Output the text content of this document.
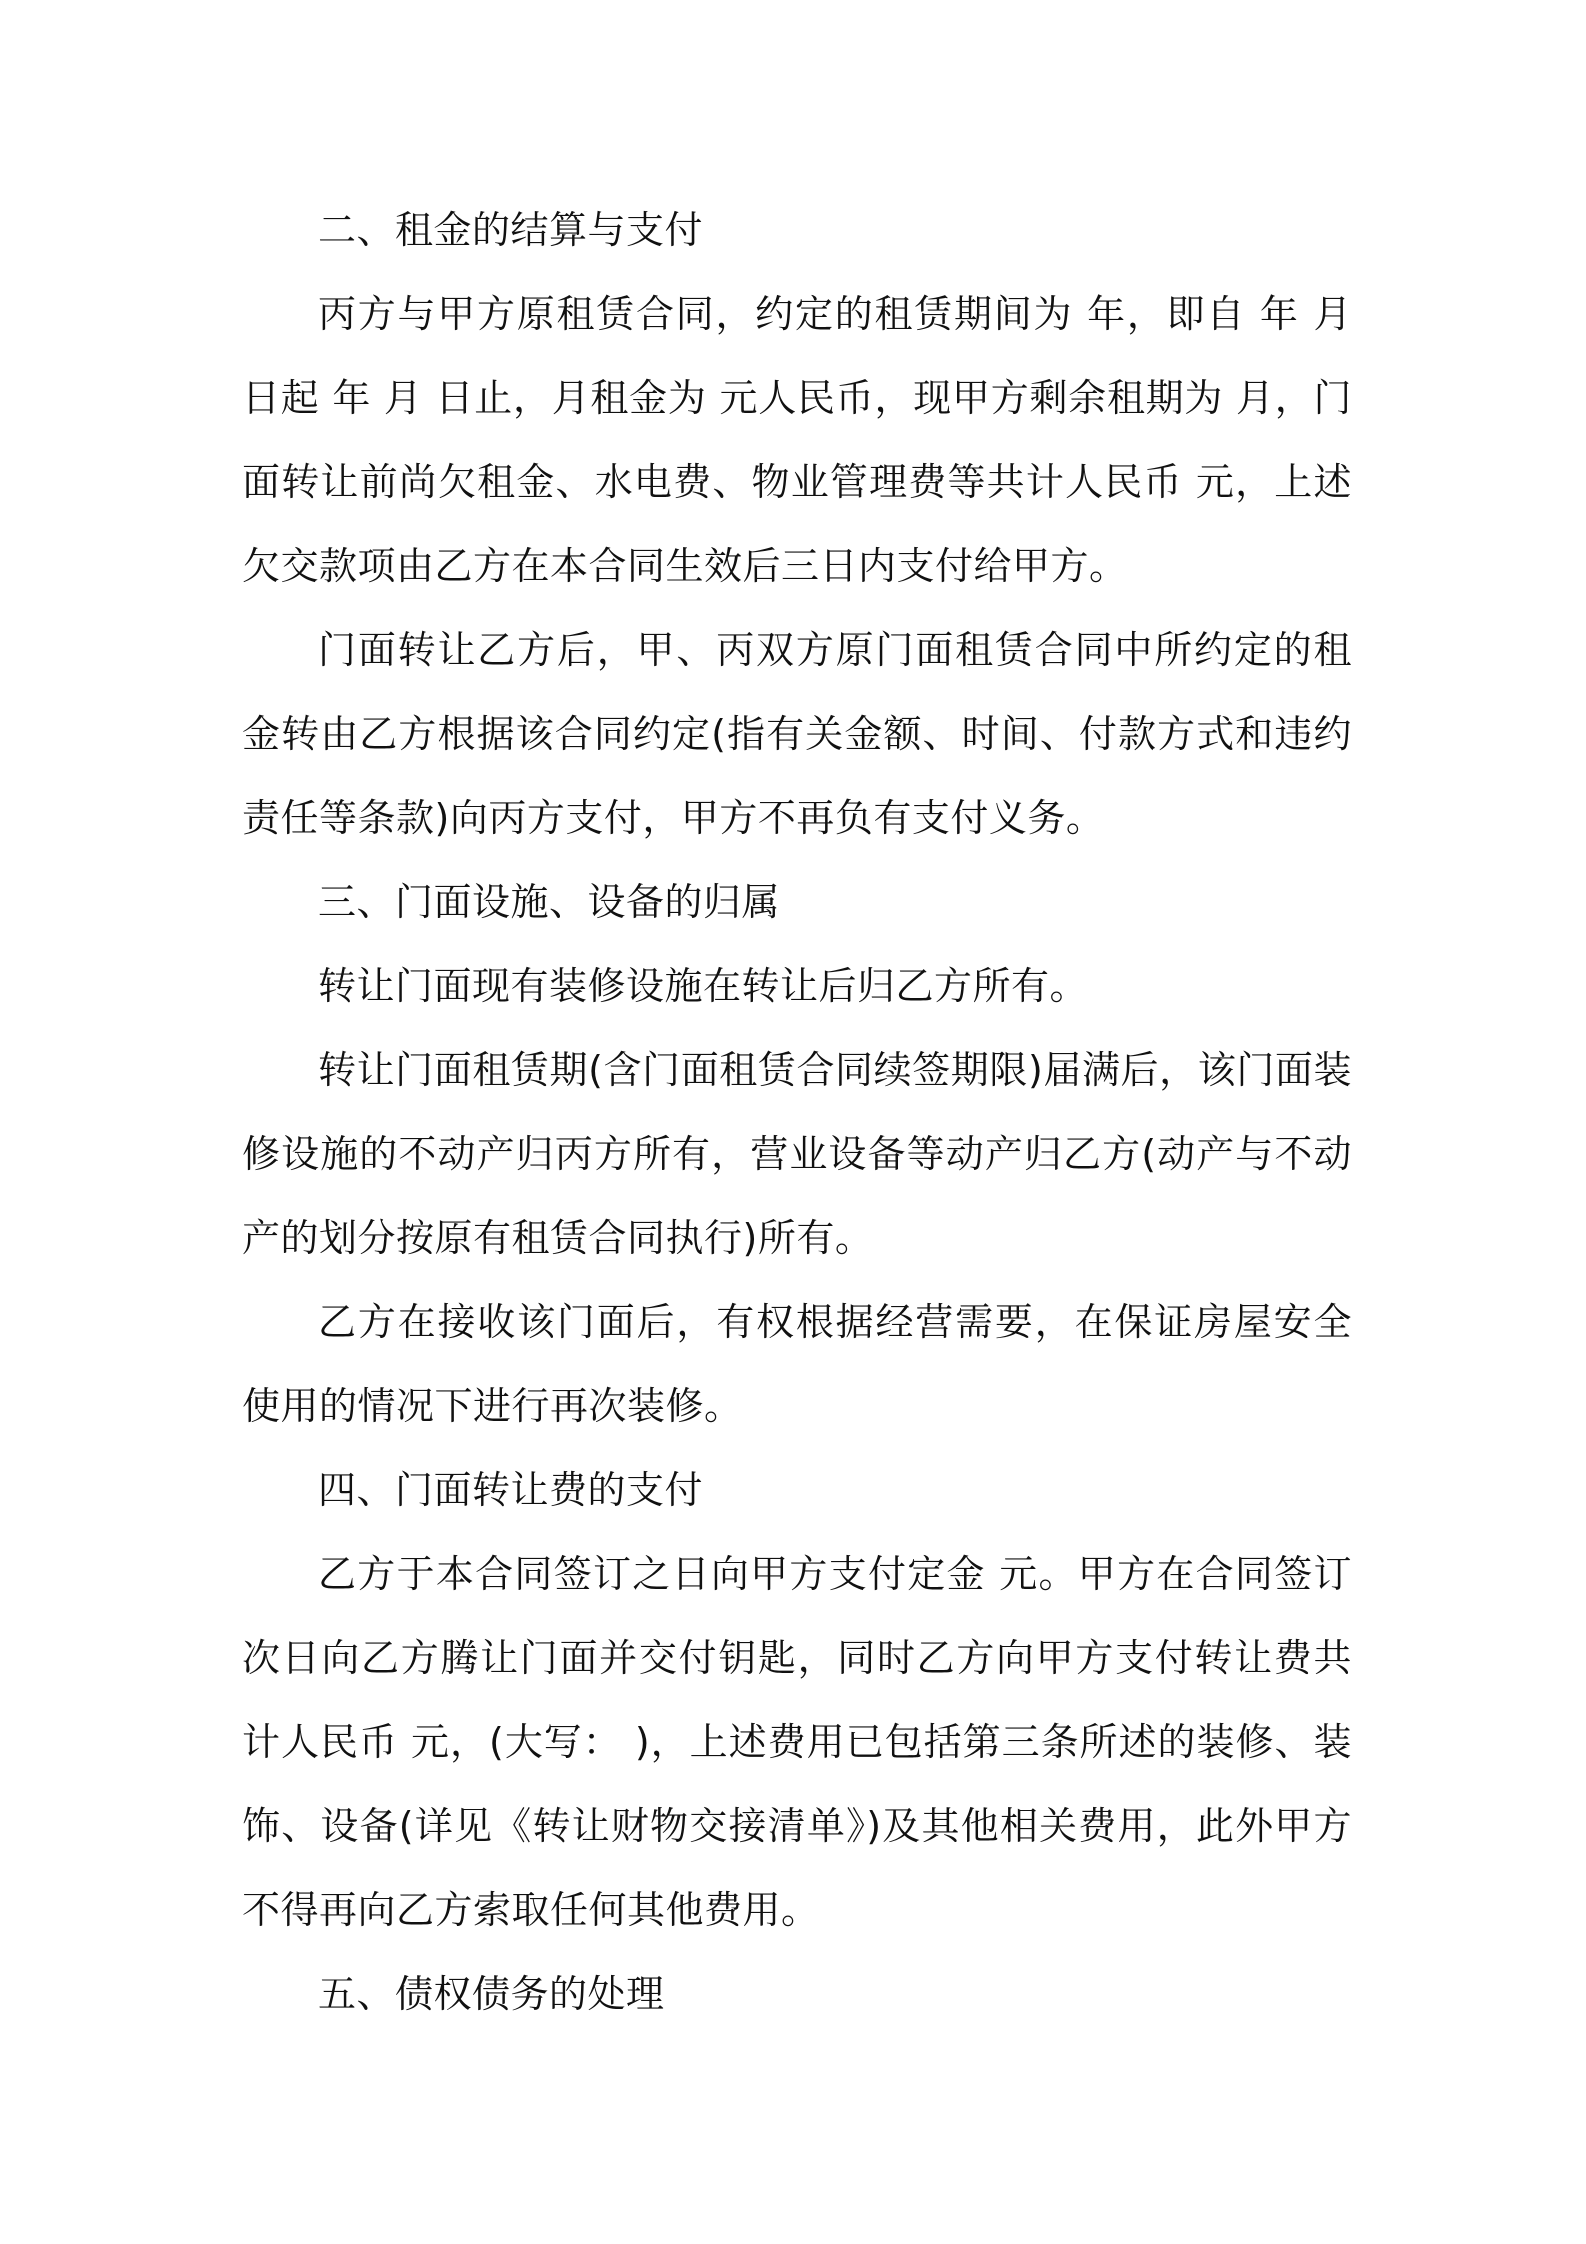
二、租金的结算与支付

丙方与甲方原租赁合同，约定的租赁期间为 年，即自 年 月日起 年 月 日止，月租金为 元人民币，现甲方剩余租期为 月，门面转让前尚欠租金、水电费、物业管理费等共计人民币 元，上述欠交款项由乙方在本合同生效后三日内支付给甲方。

门面转让乙方后，甲、丙双方原门面租赁合同中所约定的租金转由乙方根据该合同约定(指有关金额、时间、付款方式和违约责任等条款)向丙方支付，甲方不再负有支付义务。

三、门面设施、设备的归属

转让门面现有装修设施在转让后归乙方所有。

转让门面租赁期(含门面租赁合同续签期限)届满后，该门面装修设施的不动产归丙方所有，营业设备等动产归乙方(动产与不动产的划分按原有租赁合同执行)所有。

乙方在接收该门面后，有权根据经营需要，在保证房屋安全使用的情况下进行再次装修。

四、门面转让费的支付

乙方于本合同签订之日向甲方支付定金 元。甲方在合同签订次日向乙方腾让门面并交付钥匙，同时乙方向甲方支付转让费共计人民币 元，(大写： )，上述费用已包括第三条所述的装修、装饰、设备(详见《转让财物交接清单》)及其他相关费用，此外甲方不得再向乙方索取任何其他费用。

五、债权债务的处理
